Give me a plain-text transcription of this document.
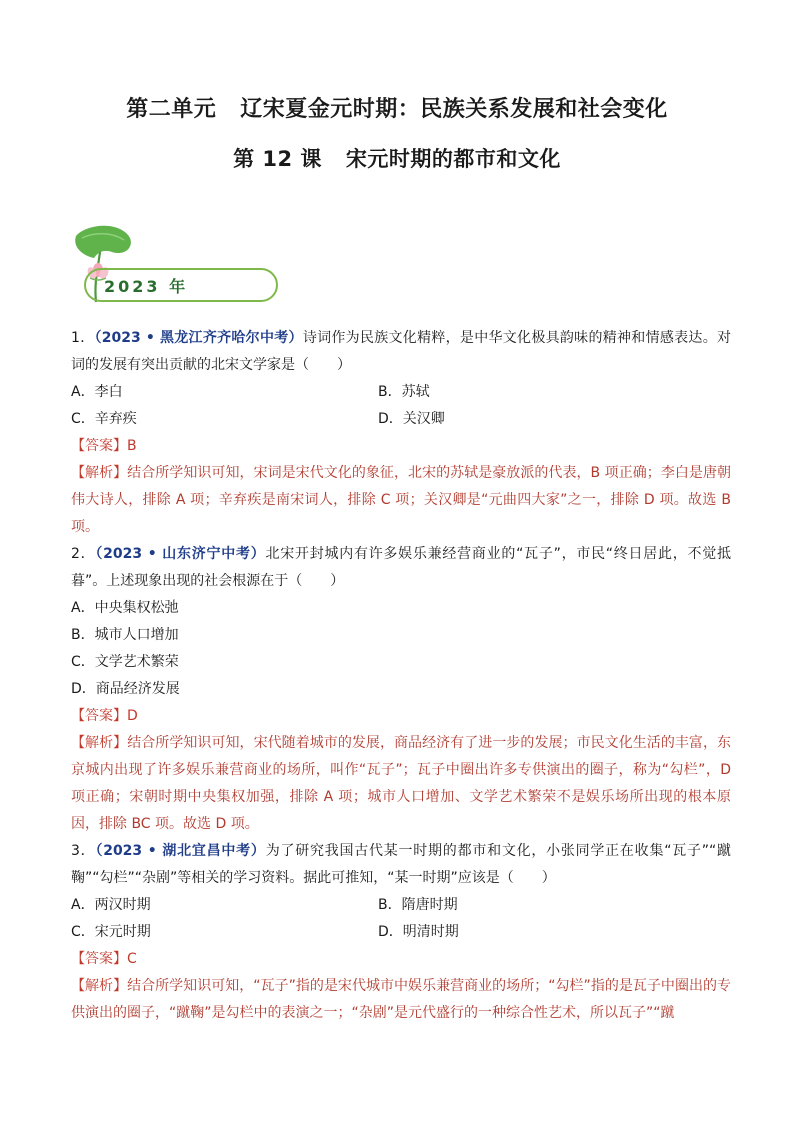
第二单元 辽宋夏金元时期：民族关系发展和社会变化
第 12 课 宋元时期的都市和文化
2023 年

1．（2023 • 黑龙江齐齐哈尔中考）诗词作为民族文化精粹，是中华文化极具韵味的精神和情感表达。对词的发展有突出贡献的北宋文学家是（　　）

A．李白	B．苏轼
C．辛弃疾	D．关汉卿

【答案】B

【解析】结合所学知识可知，宋词是宋代文化的象征，北宋的苏轼是豪放派的代表，B 项正确；李白是唐朝伟大诗人，排除 A 项；辛弃疾是南宋词人，排除 C 项；关汉卿是“元曲四大家”之一，排除 D 项。故选 B 项。

2．（2023 • 山东济宁中考）北宋开封城内有许多娱乐兼经营商业的“瓦子”，市民“终日居此，不觉抵暮”。上述现象出现的社会根源在于（　　）

A．中央集权松弛
B．城市人口增加
C．文学艺术繁荣
D．商品经济发展

【答案】D

【解析】结合所学知识可知，宋代随着城市的发展，商品经济有了进一步的发展；市民文化生活的丰富，东京城内出现了许多娱乐兼营商业的场所，叫作“瓦子”；瓦子中圈出许多专供演出的圈子，称为“勾栏”，D 项正确；宋朝时期中央集权加强，排除 A 项；城市人口增加、文学艺术繁荣不是娱乐场所出现的根本原因，排除 BC 项。故选 D 项。

3．（2023 • 湖北宜昌中考）为了研究我国古代某一时期的都市和文化，小张同学正在收集“瓦子”“蹴鞠”“勾栏”“杂剧”等相关的学习资料。据此可推知，“某一时期”应该是（　　）

A．两汉时期	B．隋唐时期
C．宋元时期	D．明清时期

【答案】C

【解析】结合所学知识可知，“瓦子”指的是宋代城市中娱乐兼营商业的场所；“勾栏”指的是瓦子中圈出的专供演出的圈子，“蹴鞠”是勾栏中的表演之一；“杂剧”是元代盛行的一种综合性艺术，所以瓦子”“蹴
